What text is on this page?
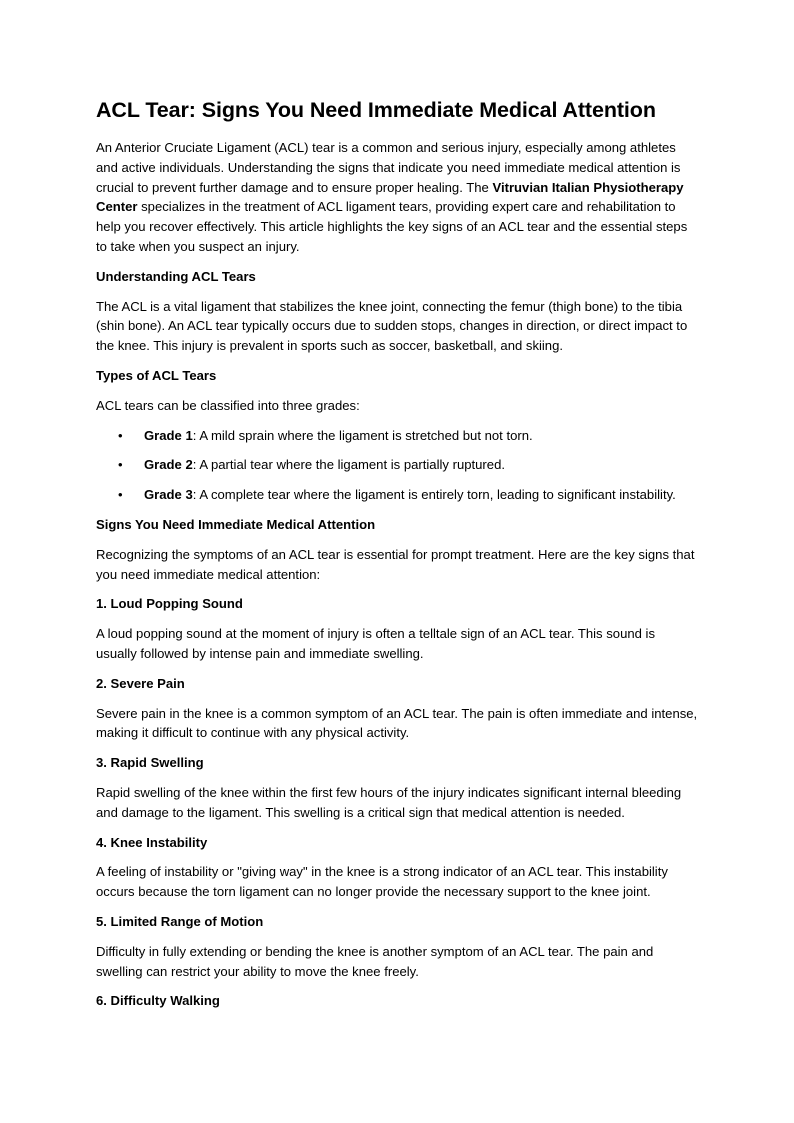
ACL Tear: Signs You Need Immediate Medical Attention

An Anterior Cruciate Ligament (ACL) tear is a common and serious injury, especially among athletes and active individuals. Understanding the signs that indicate you need immediate medical attention is crucial to prevent further damage and to ensure proper healing. The Vitruvian Italian Physiotherapy Center specializes in the treatment of ACL ligament tears, providing expert care and rehabilitation to help you recover effectively. This article highlights the key signs of an ACL tear and the essential steps to take when you suspect an injury.

Understanding ACL Tears

The ACL is a vital ligament that stabilizes the knee joint, connecting the femur (thigh bone) to the tibia (shin bone). An ACL tear typically occurs due to sudden stops, changes in direction, or direct impact to the knee. This injury is prevalent in sports such as soccer, basketball, and skiing.

Types of ACL Tears

ACL tears can be classified into three grades:

• Grade 1: A mild sprain where the ligament is stretched but not torn.
• Grade 2: A partial tear where the ligament is partially ruptured.
• Grade 3: A complete tear where the ligament is entirely torn, leading to significant instability.
Signs You Need Immediate Medical Attention

Recognizing the symptoms of an ACL tear is essential for prompt treatment. Here are the key signs that you need immediate medical attention:

1. Loud Popping Sound

A loud popping sound at the moment of injury is often a telltale sign of an ACL tear. This sound is usually followed by intense pain and immediate swelling.

2. Severe Pain

Severe pain in the knee is a common symptom of an ACL tear. The pain is often immediate and intense, making it difficult to continue with any physical activity.

3. Rapid Swelling

Rapid swelling of the knee within the first few hours of the injury indicates significant internal bleeding and damage to the ligament. This swelling is a critical sign that medical attention is needed.

4. Knee Instability

A feeling of instability or "giving way" in the knee is a strong indicator of an ACL tear. This instability occurs because the torn ligament can no longer provide the necessary support to the knee joint.

5. Limited Range of Motion

Difficulty in fully extending or bending the knee is another symptom of an ACL tear. The pain and swelling can restrict your ability to move the knee freely.

6. Difficulty Walking
